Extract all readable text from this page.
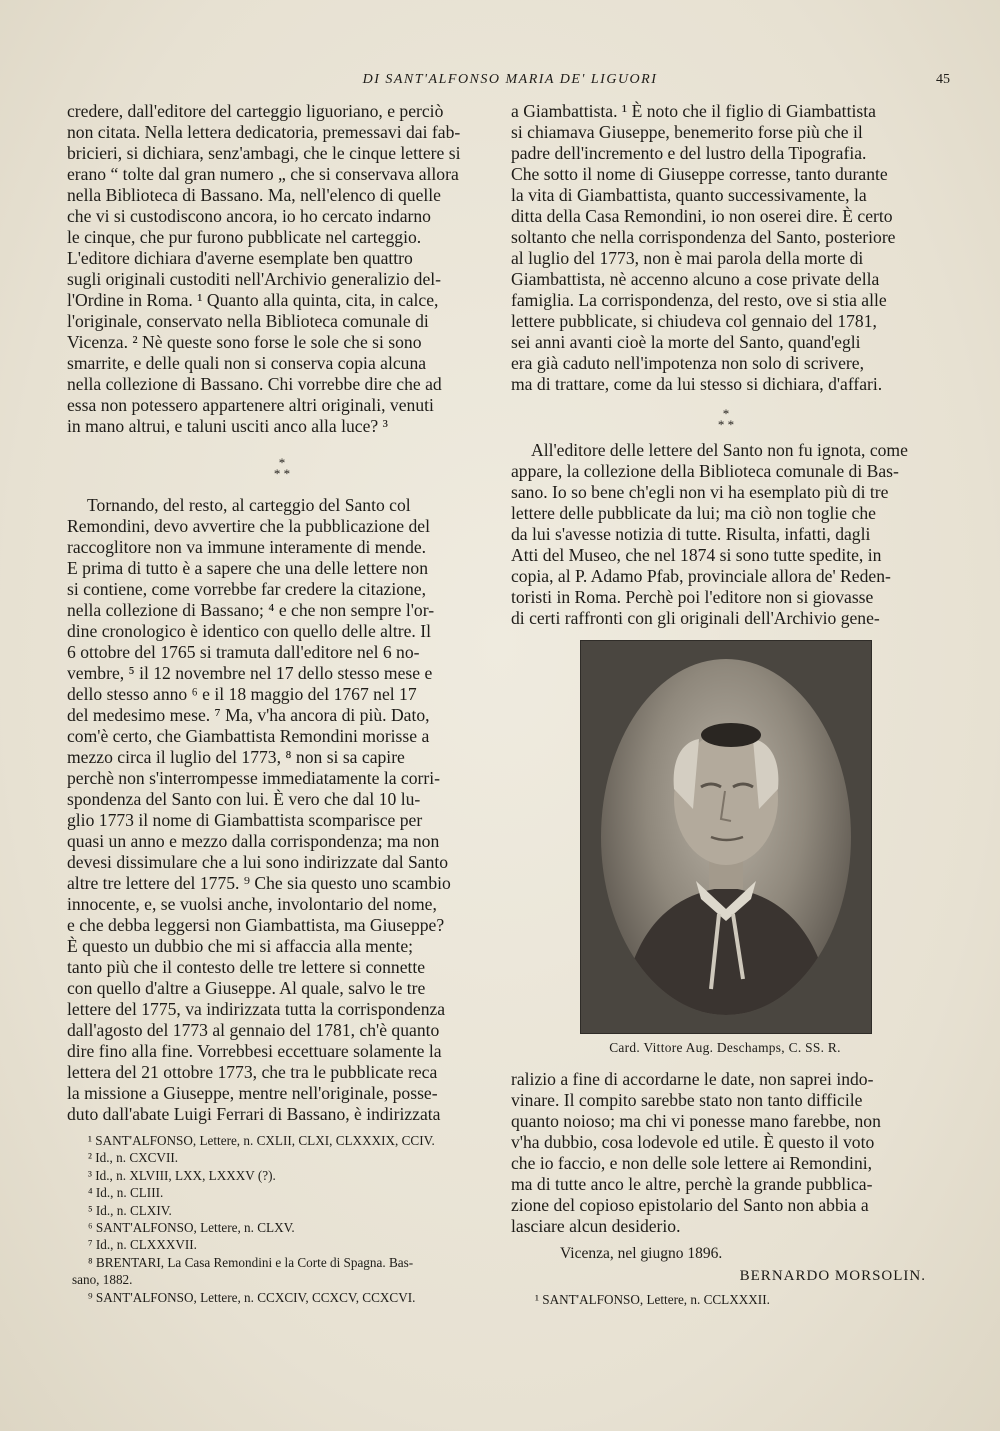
DI SANT'ALFONSO MARIA DE' LIGUORI	45

credere, dall'editore del carteggio liguoriano, e perciò
non citata. Nella lettera dedicatoria, premessavi dai fab-
bricieri, si dichiara, senz'ambagi, che le cinque lettere si
erano “ tolte dal gran numero „ che si conservava allora
nella Biblioteca di Bassano. Ma, nell'elenco di quelle
che vi si custodiscono ancora, io ho cercato indarno
le cinque, che pur furono pubblicate nel carteggio.
L'editore dichiara d'averne esemplate ben quattro
sugli originali custoditi nell'Archivio generalizio del-
l'Ordine in Roma. ¹ Quanto alla quinta, cita, in calce,
l'originale, conservato nella Biblioteca comunale di
Vicenza. ² Nè queste sono forse le sole che si sono
smarrite, e delle quali non si conserva copia alcuna
nella collezione di Bassano. Chi vorrebbe dire che ad
essa non potessero appartenere altri originali, venuti
in mano altrui, e taluni usciti anco alla luce? ³

*
* *

Tornando, del resto, al carteggio del Santo col
Remondini, devo avvertire che la pubblicazione del
raccoglitore non va immune interamente di mende.
E prima di tutto è a sapere che una delle lettere non
si contiene, come vorrebbe far credere la citazione,
nella collezione di Bassano; ⁴ e che non sempre l'or-
dine cronologico è identico con quello delle altre. Il
6 ottobre del 1765 si tramuta dall'editore nel 6 no-
vembre, ⁵ il 12 novembre nel 17 dello stesso mese e
dello stesso anno ⁶ e il 18 maggio del 1767 nel 17
del medesimo mese. ⁷ Ma, v'ha ancora di più. Dato,
com'è certo, che Giambattista Remondini morisse a
mezzo circa il luglio del 1773, ⁸ non si sa capire
perchè non s'interrompesse immediatamente la corri-
spondenza del Santo con lui. È vero che dal 10 lu-
glio 1773 il nome di Giambattista scomparisce per
quasi un anno e mezzo dalla corrispondenza; ma non
devesi dissimulare che a lui sono indirizzate dal Santo
altre tre lettere del 1775. ⁹ Che sia questo uno scambio
innocente, e, se vuolsi anche, involontario del nome,
e che debba leggersi non Giambattista, ma Giuseppe?
È questo un dubbio che mi si affaccia alla mente;
tanto più che il contesto delle tre lettere si connette
con quello d'altre a Giuseppe. Al quale, salvo le tre
lettere del 1775, va indirizzata tutta la corrispondenza
dall'agosto del 1773 al gennaio del 1781, ch'è quanto
dire fino alla fine. Vorrebbesi eccettuare solamente la
lettera del 21 ottobre 1773, che tra le pubblicate reca
la missione a Giuseppe, mentre nell'originale, posse-
duto dall'abate Luigi Ferrari di Bassano, è indirizzata

¹ SANT'ALFONSO, Lettere, n. CXLII, CLXI, CLXXXIX, CCIV.
² Id., n. CXCVII.
³ Id., n. XLVIII, LXX, LXXXV (?).
⁴ Id., n. CLIII.
⁵ Id., n. CLXIV.
⁶ SANT'ALFONSO, Lettere, n. CLXV.
⁷ Id., n. CLXXXVII.
⁸ BRENTARI, La Casa Remondini e la Corte di Spagna. Bas-
sano, 1882.
⁹ SANT'ALFONSO, Lettere, n. CCXCIV, CCXCV, CCXCVI.

a Giambattista. ¹ È noto che il figlio di Giambattista
si chiamava Giuseppe, benemerito forse più che il
padre dell'incremento e del lustro della Tipografia.
Che sotto il nome di Giuseppe corresse, tanto durante
la vita di Giambattista, quanto successivamente, la
ditta della Casa Remondini, io non oserei dire. È certo
soltanto che nella corrispondenza del Santo, posteriore
al luglio del 1773, non è mai parola della morte di
Giambattista, nè accenno alcuno a cose private della
famiglia. La corrispondenza, del resto, ove si stia alle
lettere pubblicate, si chiudeva col gennaio del 1781,
sei anni avanti cioè la morte del Santo, quand'egli
era già caduto nell'impotenza non solo di scrivere,
ma di trattare, come da lui stesso si dichiara, d'affari.

*
* *

All'editore delle lettere del Santo non fu ignota, come
appare, la collezione della Biblioteca comunale di Bas-
sano. Io so bene ch'egli non vi ha esemplato più di tre
lettere delle pubblicate da lui; ma ciò non toglie che
da lui s'avesse notizia di tutte. Risulta, infatti, dagli
Atti del Museo, che nel 1874 si sono tutte spedite, in
copia, al P. Adamo Pfab, provinciale allora de' Reden-
toristi in Roma. Perchè poi l'editore non si giovasse
di certi raffronti con gli originali dell'Archivio gene-

Card. Vittore Aug. Deschamps, C. SS. R.

ralizio a fine di accordarne le date, non saprei indo-
vinare. Il compito sarebbe stato non tanto difficile
quanto noioso; ma chi vi ponesse mano farebbe, non
v'ha dubbio, cosa lodevole ed utile. È questo il voto
che io faccio, e non delle sole lettere ai Remondini,
ma di tutte anco le altre, perchè la grande pubblica-
zione del copioso epistolario del Santo non abbia a
lasciare alcun desiderio.

Vicenza, nel giugno 1896.
BERNARDO MORSOLIN.
¹ SANT'ALFONSO, Lettere, n. CCLXXXII.
